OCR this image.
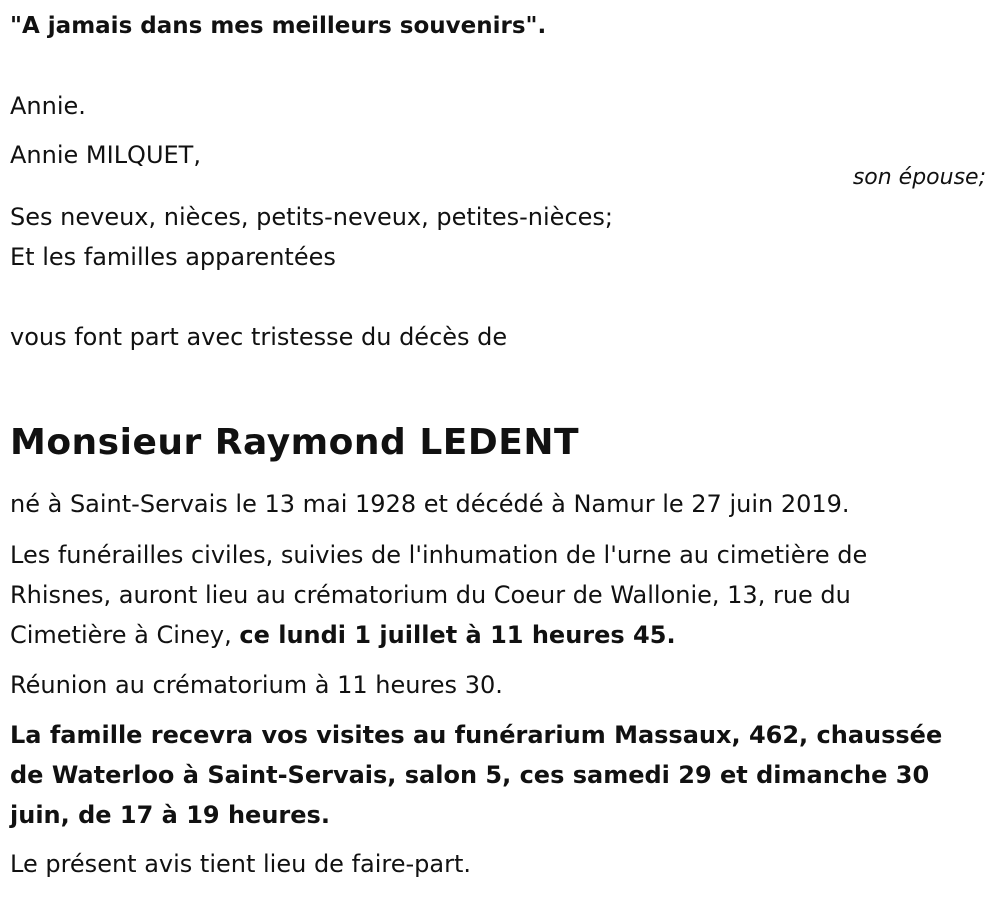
"A jamais dans mes meilleurs souvenirs".

Annie.

Annie MILQUET,

son épouse;

Ses neveux, nièces, petits-neveux, petites-nièces;

Et les familles apparentées

vous font part avec tristesse du décès de

Monsieur Raymond LEDENT

né à Saint-Servais le 13 mai 1928 et décédé à Namur le 27 juin 2019.

Les funérailles civiles, suivies de l'inhumation de l'urne au cimetière de Rhisnes, auront lieu au crématorium du Coeur de Wallonie, 13, rue du Cimetière à Ciney, ce lundi 1 juillet à 11 heures 45.

Réunion au crématorium à 11 heures 30.

La famille recevra vos visites au funérarium Massaux, 462, chaussée de Waterloo à Saint-Servais, salon 5, ces samedi 29 et dimanche 30 juin, de 17 à 19 heures.

Le présent avis tient lieu de faire-part.
